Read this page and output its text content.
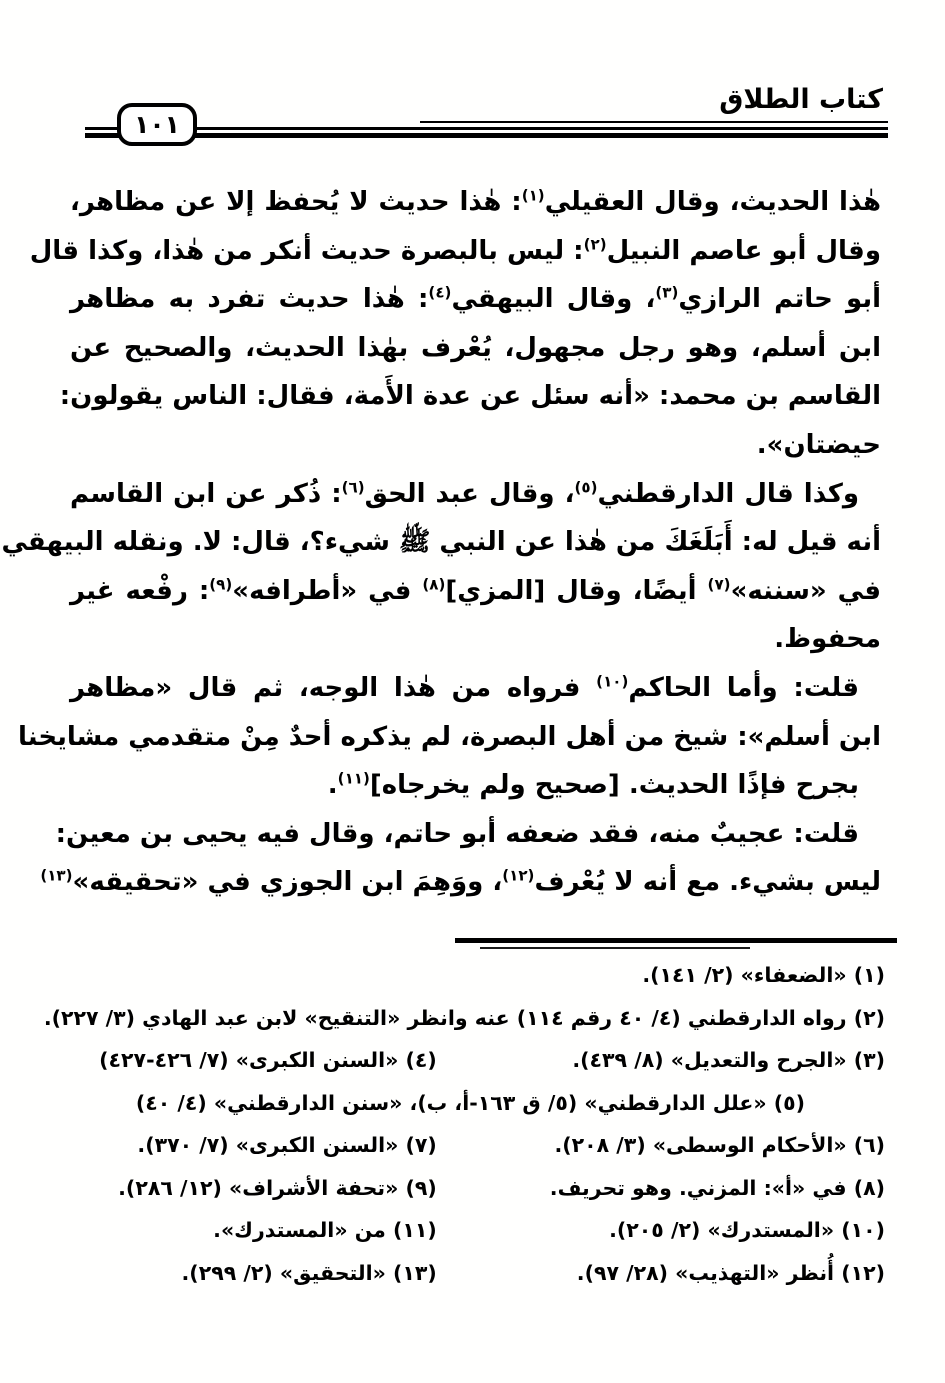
كتاب الطلاق
١٠١
هٰذا الحديث، وقال العقيلي$^{(١)}$: هٰذا حديث لا يُحفظ إلا عن مظاهر،
وقال أبو عاصم النبيل$^{(٢)}$: ليس بالبصرة حديث أنكر من هٰذا، وكذا قال
أبو حاتم الرازي$^{(٣)}$، وقال البيهقي$^{(٤)}$: هٰذا حديث تفرد به مظاهر
ابن أسلم، وهو رجل مجهول، يُعْرف بهٰذا الحديث، والصحيح عن
القاسم بن محمد: «أنه سئل عن عدة الأَمة، فقال: الناس يقولون:
حيضتان».
وكذا قال الدارقطني$^{(٥)}$، وقال عبد الحق$^{(٦)}$: ذُكر عن ابن القاسم
أنه قيل له: أَبَلَغَكَ من هٰذا عن النبي ﷺ شيء؟، قال: لا. ونقله البيهقي
في «سننه»$^{(٧)}$ أيضًا، وقال [المزي]$^{(٨)}$ في «أطرافه»$^{(٩)}$: رفْعه غير
محفوظ.
قلت: وأما الحاكم$^{(١٠)}$ فرواه من هٰذا الوجه، ثم قال «مظاهر
ابن أسلم»: شيخ من أهل البصرة، لم يذكره أحدٌ مِنْ متقدمي مشايخنا
بجرح فإذًا الحديث. [صحيح ولم يخرجاه]$^{(١١)}$.
قلت: عجيبٌ منه، فقد ضعفه أبو حاتم، وقال فيه يحيى بن معين:
ليس بشيء. مع أنه لا يُعْرف$^{(١٢)}$، ووَهِمَ ابن الجوزي في «تحقيقه»$^{(١٣)}$
(١) «الضعفاء» (٢/ ١٤١).
(٢) رواه الدارقطني (٤/ ٤٠ رقم ١١٤) عنه وانظر «التنقيح» لابن عبد الهادي (٣/ ٢٢٧).
(٣) «الجرح والتعديل» (٨/ ٤٣٩).
(٤) «السنن الكبرى» (٧/ ٤٢٦-٤٢٧)
(٥) «علل الدارقطني» (٥/ ق ١٦٣-أ، ب)، «سنن الدارقطني» (٤/ ٤٠)
(٦) «الأحكام الوسطى» (٣/ ٢٠٨).
(٧) «السنن الكبرى» (٧/ ٣٧٠).
(٨) في «أ»: المزني. وهو تحريف.
(٩) «تحفة الأشراف» (١٢/ ٢٨٦).
(١٠) «المستدرك» (٢/ ٢٠٥).
(١١) من «المستدرك».
(١٢) أُنظر «التهذيب» (٢٨/ ٩٧).
(١٣) «التحقيق» (٢/ ٢٩٩).
